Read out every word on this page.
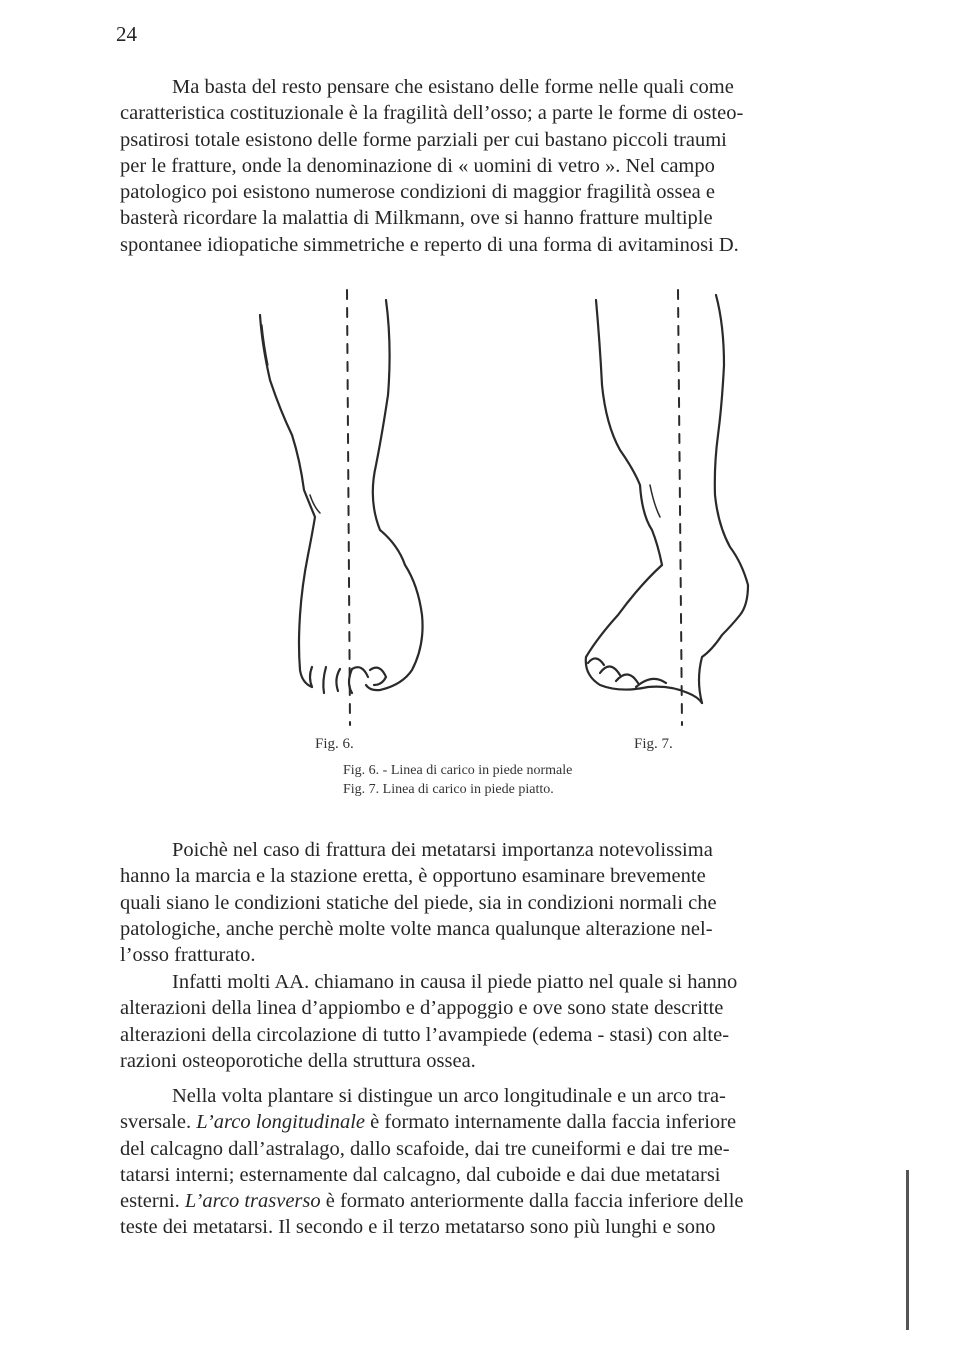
24

Ma basta del resto pensare che esistano delle forme nelle quali come
caratteristica costituzionale è la fragilità dell’osso; a parte le forme di osteo-
psatirosi totale esistono delle forme parziali per cui bastano piccoli traumi
per le fratture, onde la denominazione di « uomini di vetro ». Nel campo
patologico poi esistono numerose condizioni di maggior fragilità ossea e
basterà ricordare la malattia di Milkmann, ove si hanno fratture multiple
spontanee idiopatiche simmetriche e reperto di una forma di avitaminosi D.

Fig. 6.	Fig. 7.
Fig. 6. - Linea di carico in piede normale
Fig. 7. Linea di carico in piede piatto.

Poichè nel caso di frattura dei metatarsi importanza notevolissima
hanno la marcia e la stazione eretta, è opportuno esaminare brevemente
quali siano le condizioni statiche del piede, sia in condizioni normali che
patologiche, anche perchè molte volte manca qualunque alterazione nel-
l’osso fratturato.

Infatti molti AA. chiamano in causa il piede piatto nel quale si hanno
alterazioni della linea d’appiombo e d’appoggio e ove sono state descritte
alterazioni della circolazione di tutto l’avampiede (edema - stasi) con alte-
razioni osteoporotiche della struttura ossea.

Nella volta plantare si distingue un arco longitudinale e un arco tra-
sversale. L’arco longitudinale è formato internamente dalla faccia inferiore
del calcagno dall’astralago, dallo scafoide, dai tre cuneiformi e dai tre me-
tatarsi interni; esternamente dal calcagno, dal cuboide e dai due metatarsi
esterni. L’arco trasverso è formato anteriormente dalla faccia inferiore delle
teste dei metatarsi. Il secondo e il terzo metatarso sono più lunghi e sono
